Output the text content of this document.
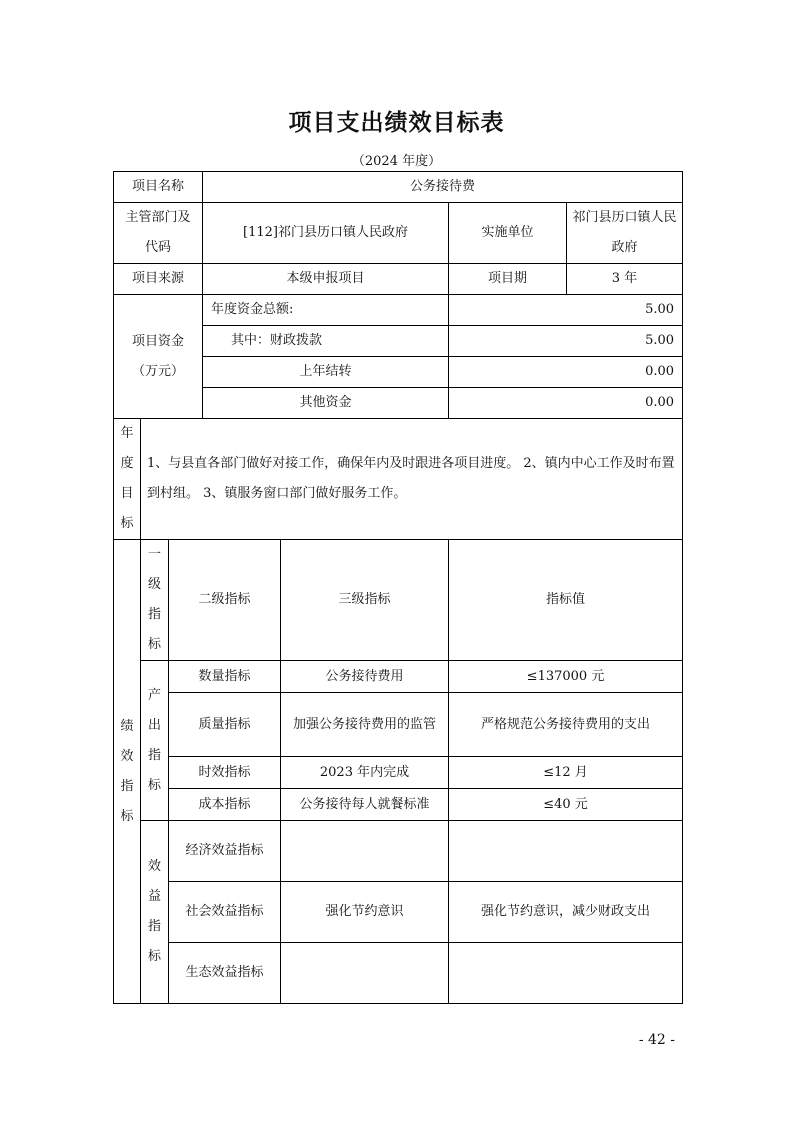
项目支出绩效目标表
（2024 年度）
项目名称			公务接待费			
主管部门及
代码			[112]祁门县历口镇人民政府		实施单位	祁门县历口镇人民政府
项目来源			本级申报项目		项目期	3 年
项目资金
（万元）			年度资金总额:		5.00	
			其中：财政拨款		5.00	
			上年结转		0.00	
			其他资金		0.00	
年
度
目
标	1、与县直各部门做好对接工作，确保年内及时跟进各项目进度。 2、镇内中心工作及时布置到村组。 3、镇服务窗口部门做好服务工作。					
绩
效
指
标	一
级
指
标	二级指标		三级指标	指标值	
	产
出
指
标	数量指标		公务接待费用	≤137000 元	
		质量指标		加强公务接待费用的监管	严格规范公务接待费用的支出	
		时效指标		2023 年内完成	≤12 月	
		成本指标		公务接待每人就餐标准	≤40 元	
	效
益
指
标	经济效益指标				
		社会效益指标		强化节约意识	强化节约意识，减少财政支出	
		生态效益指标				
- 42 -
